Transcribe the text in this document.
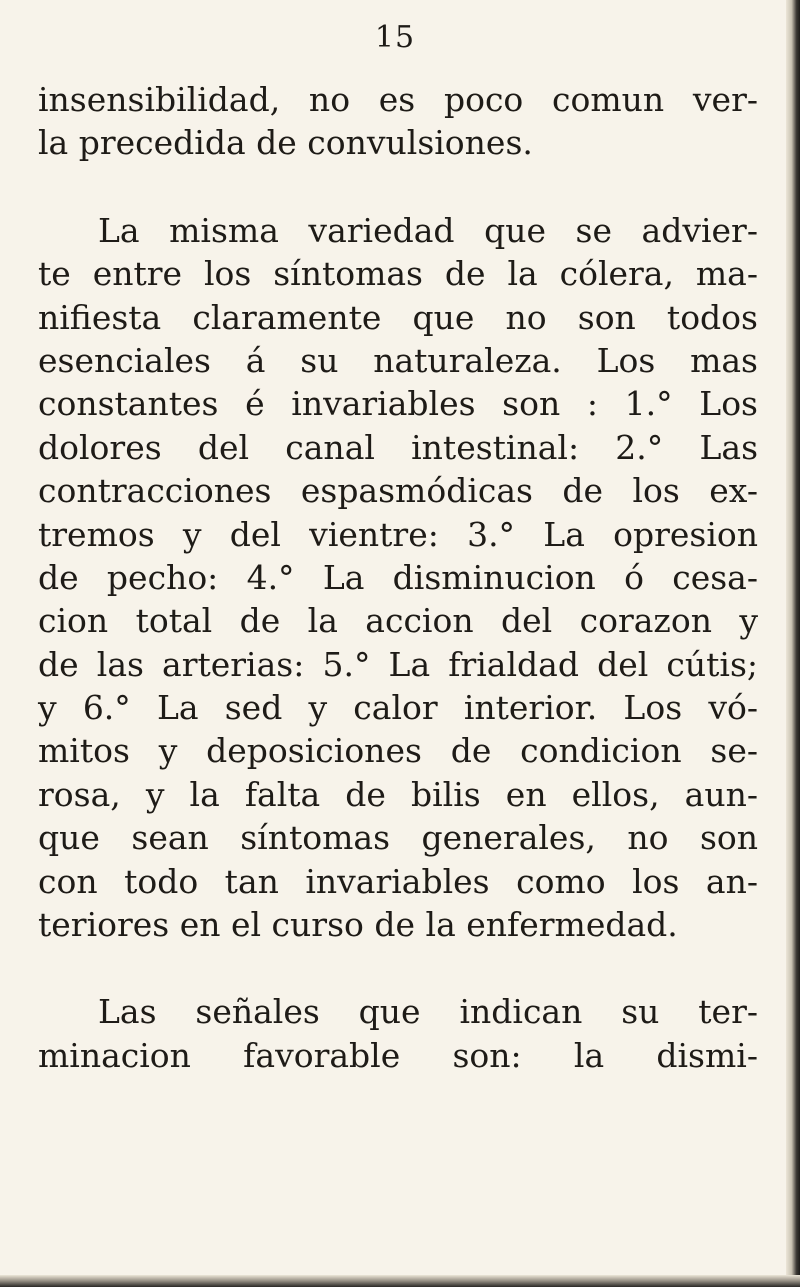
15
insensibilidad, no es poco comun ver-
la precedida de convulsiones.
La misma variedad que se advier-
te entre los síntomas de la cólera, ma-
nifiesta claramente que no son todos
esenciales á su naturaleza. Los mas
constantes é invariables son : 1.° Los
dolores del canal intestinal: 2.° Las
contracciones espasmódicas de los ex-
tremos y del vientre: 3.° La opresion
de pecho: 4.° La disminucion ó cesa-
cion total de la accion del corazon y
de las arterias: 5.° La frialdad del cútis;
y 6.° La sed y calor interior. Los vó-
mitos y deposiciones de condicion se-
rosa, y la falta de bilis en ellos, aun-
que sean síntomas generales, no son
con todo tan invariables como los an-
teriores en el curso de la enfermedad.
Las señales que indican su ter-
minacion favorable son: la dismi-
